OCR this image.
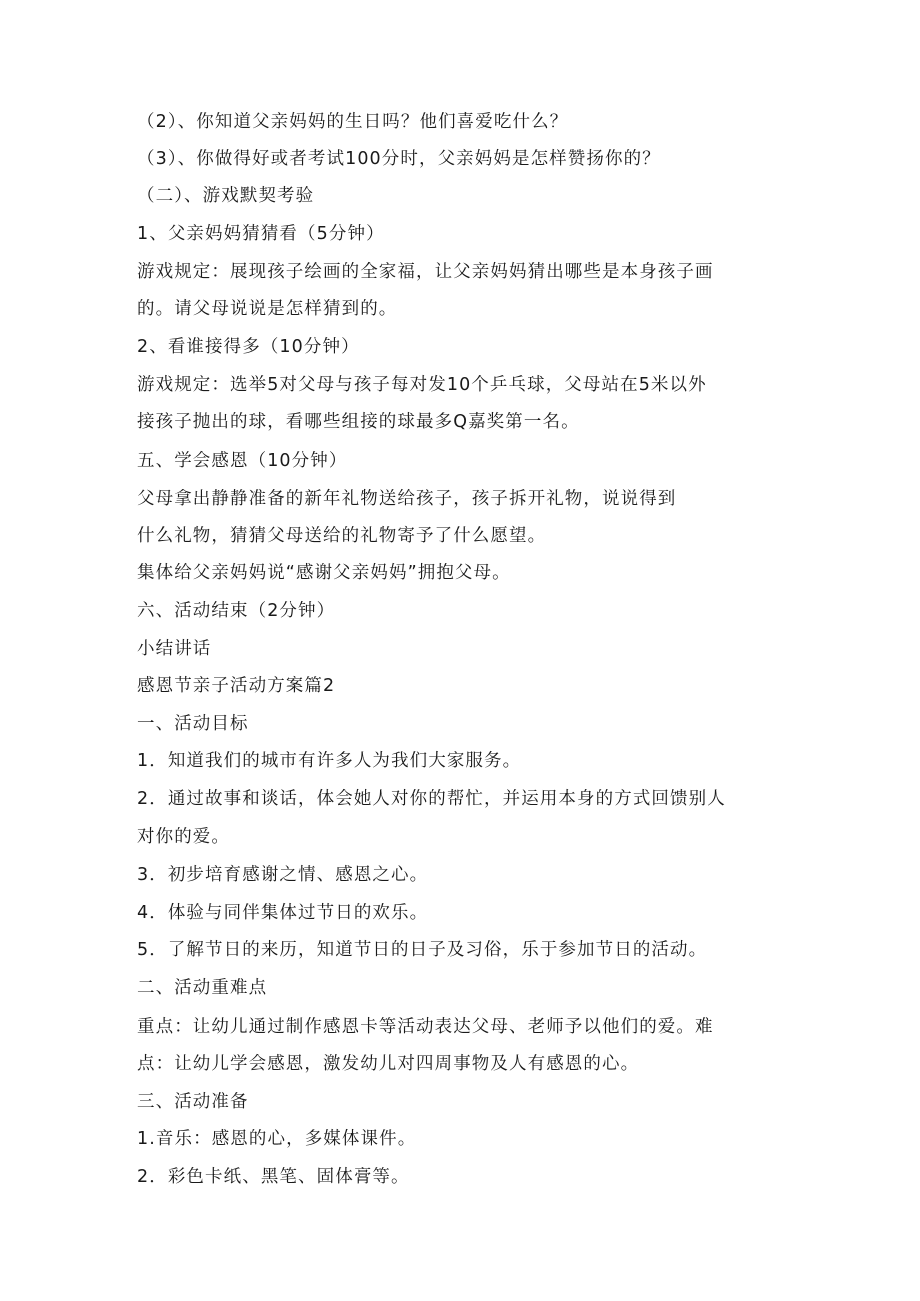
（2）、你知道父亲妈妈的生日吗？他们喜爱吃什么？
（3）、你做得好或者考试100分时，父亲妈妈是怎样赞扬你的？
（二）、游戏默契考验
1、父亲妈妈猜猜看（5分钟）
游戏规定：展现孩子绘画的全家福，让父亲妈妈猜出哪些是本身孩子画
的。请父母说说是怎样猜到的。
2、看谁接得多（10分钟）
游戏规定：选举5对父母与孩子每对发10个乒乓球，父母站在5米以外
接孩子抛出的球，看哪些组接的球最多Q嘉奖第一名。
五、学会感恩（10分钟）
父母拿出静静准备的新年礼物送给孩子，孩子拆开礼物，说说得到
什么礼物，猜猜父母送给的礼物寄予了什么愿望。
集体给父亲妈妈说“感谢父亲妈妈”拥抱父母。
六、活动结束（2分钟）
小结讲话
感恩节亲子活动方案篇2
一、活动目标
1．知道我们的城市有许多人为我们大家服务。
2．通过故事和谈话，体会她人对你的帮忙，并运用本身的方式回馈别人
对你的爱。
3．初步培育感谢之情、感恩之心。
4．体验与同伴集体过节日的欢乐。
5．了解节日的来历，知道节日的日子及习俗，乐于参加节日的活动。
二、活动重难点
重点：让幼儿通过制作感恩卡等活动表达父母、老师予以他们的爱。难
点：让幼儿学会感恩，激发幼儿对四周事物及人有感恩的心。
三、活动准备
1.音乐：感恩的心，多媒体课件。
2．彩色卡纸、黑笔、固体膏等。
